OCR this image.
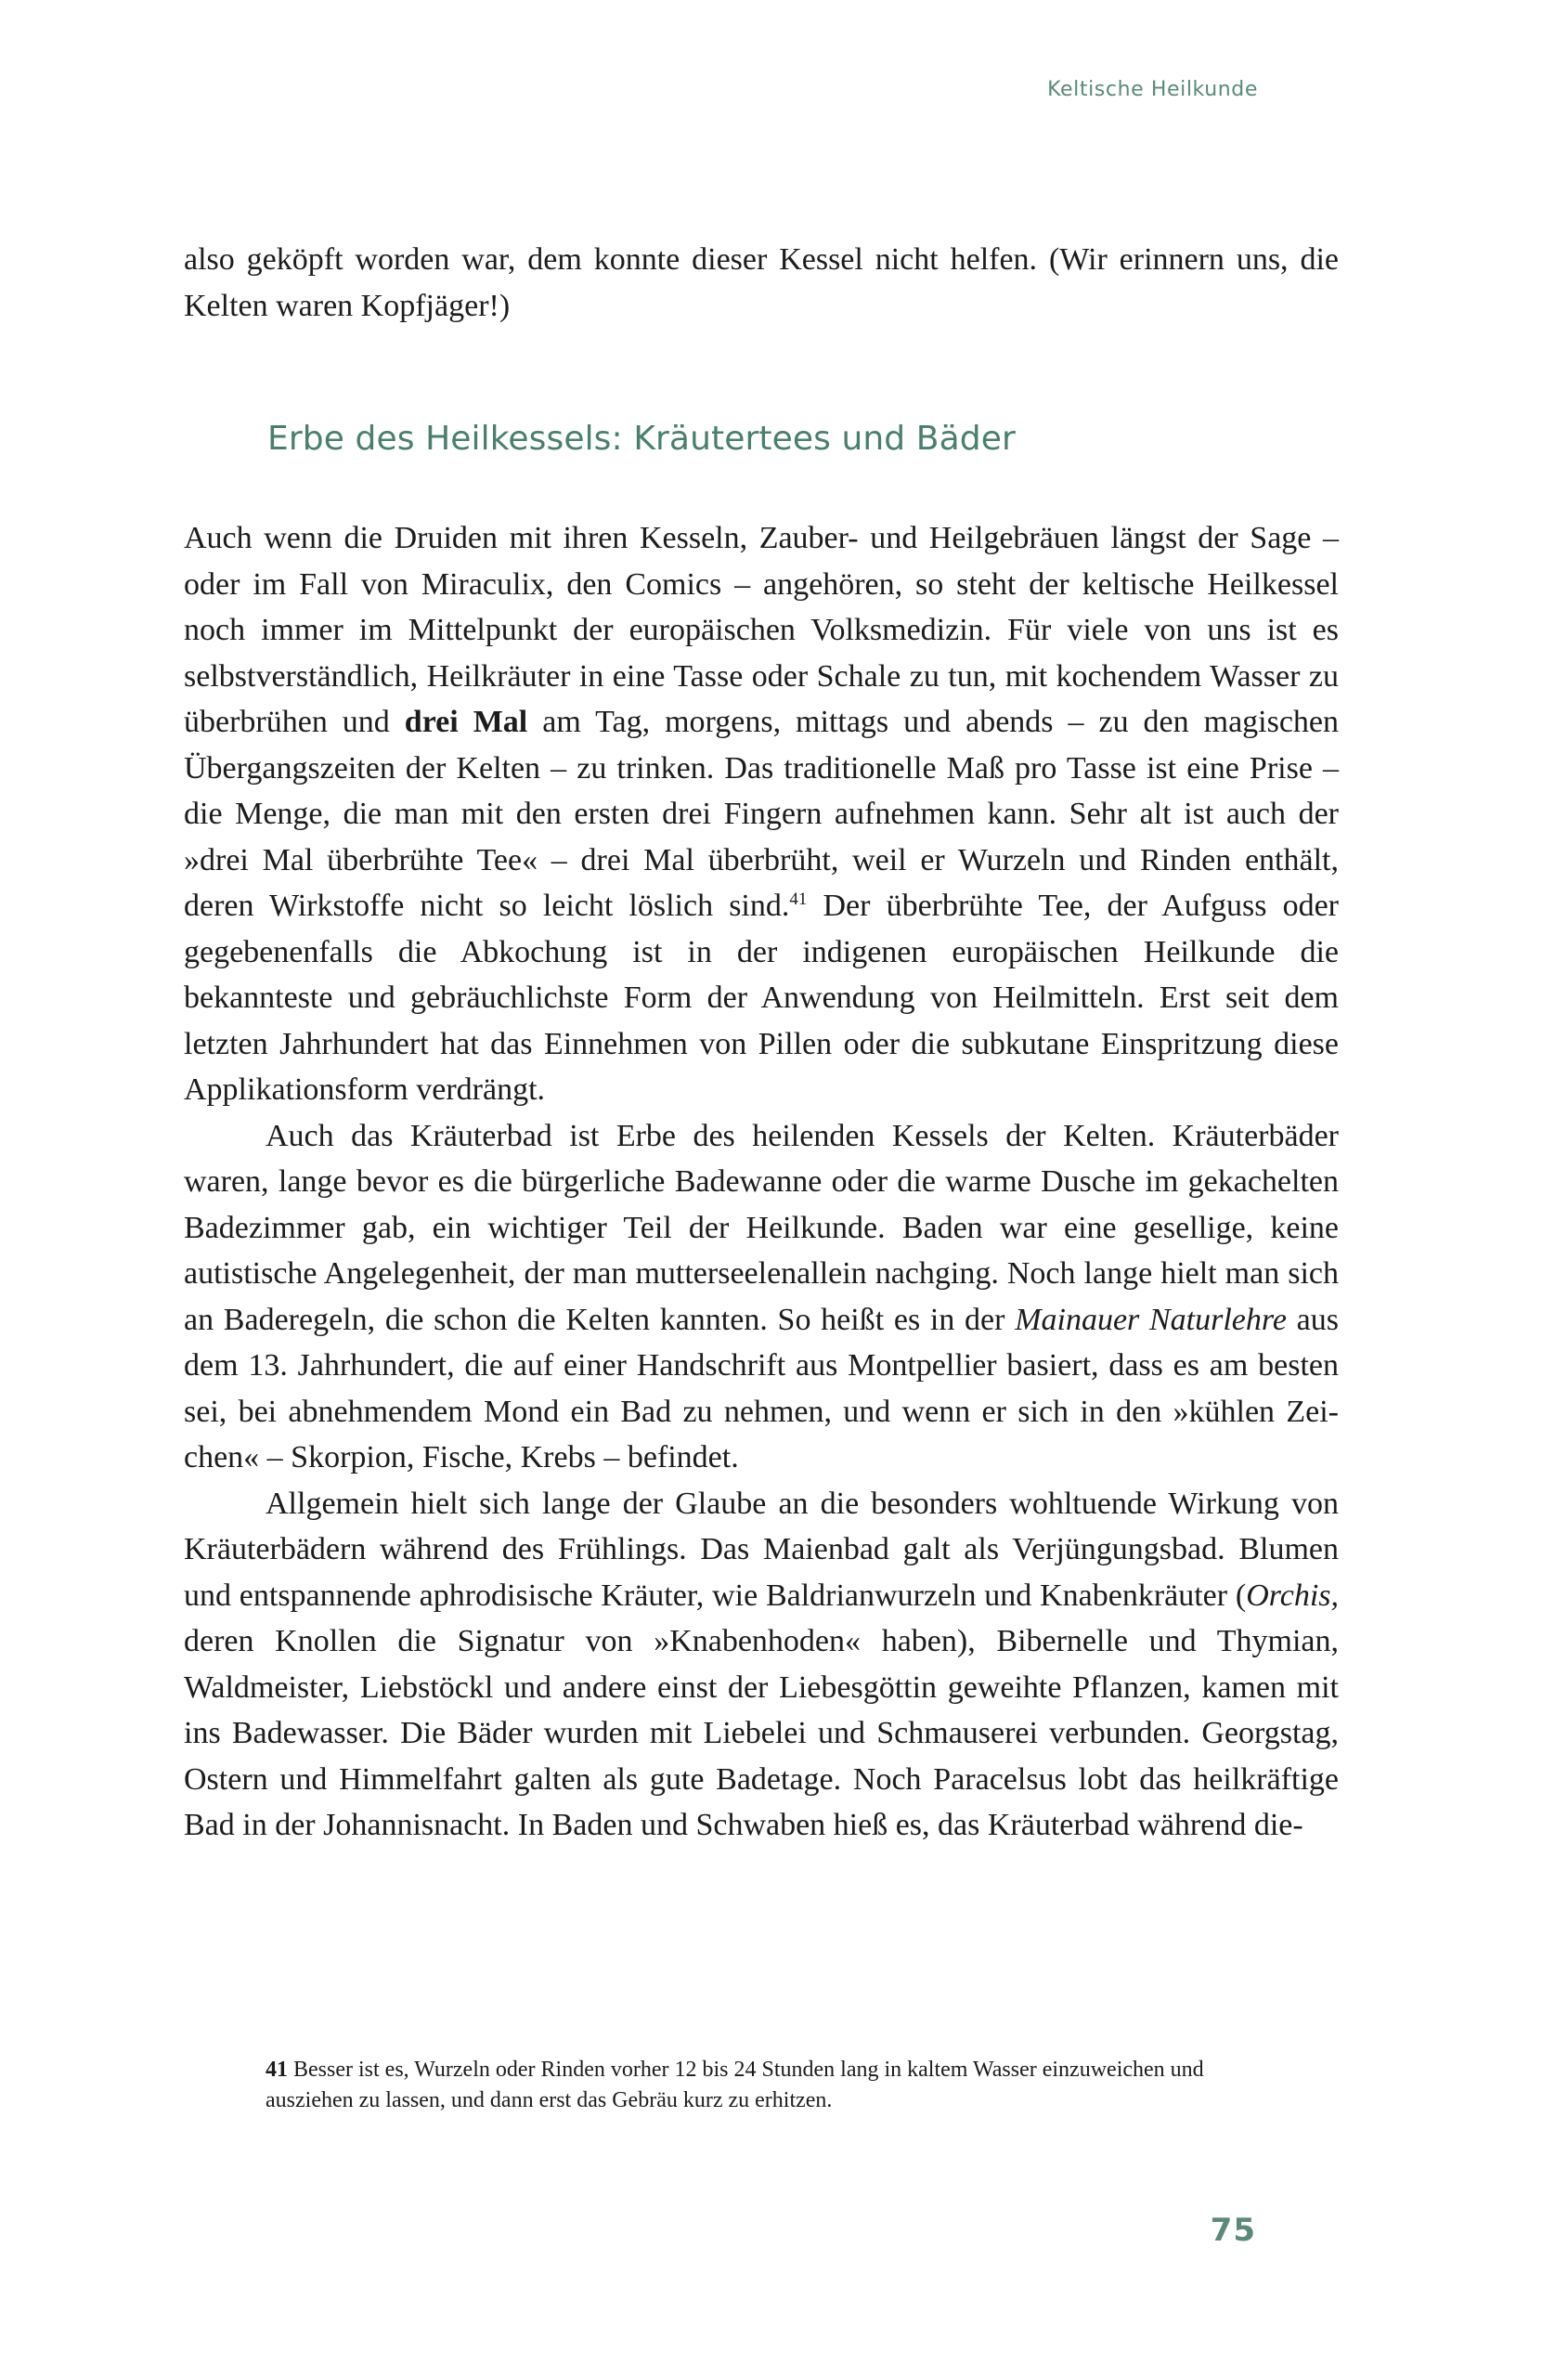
Keltische Heilkunde

also geköpft worden war, dem konnte dieser Kessel nicht helfen. (Wir erinnern uns, die Kelten waren Kopfjäger!)

Erbe des Heilkessels: Kräutertees und Bäder

Auch wenn die Druiden mit ihren Kesseln, Zauber- und Heilgebräuen längst der Sage – oder im Fall von Miraculix, den Comics – angehören, so steht der keltische Heilkessel noch immer im Mittelpunkt der europäischen Volksmedizin. Für viele von uns ist es selbstverständlich, Heilkräuter in eine Tasse oder Schale zu tun, mit kochendem Wasser zu überbrühen und drei Mal am Tag, morgens, mittags und abends – zu den magischen Übergangszeiten der Kelten – zu trinken. Das traditionelle Maß pro Tasse ist eine Prise – die Menge, die man mit den ersten drei Fingern aufnehmen kann. Sehr alt ist auch der »drei Mal überbrühte Tee« – drei Mal überbrüht, weil er Wurzeln und Rinden enthält, deren Wirkstoffe nicht so leicht löslich sind.$^{41}$ Der überbrühte Tee, der Aufguss oder gegebenenfalls die Abkochung ist in der indigenen europäischen Heilkunde die bekannteste und gebräuchlichste Form der Anwendung von Heilmitteln. Erst seit dem letzten Jahrhundert hat das Einnehmen von Pillen oder die subkutane Einspritzung diese Applikationsform verdrängt.

Auch das Kräuterbad ist Erbe des heilenden Kessels der Kelten. Kräuterbäder waren, lange bevor es die bürgerliche Badewanne oder die warme Dusche im gekachelten Badezimmer gab, ein wichtiger Teil der Heilkunde. Baden war eine gesellige, keine autistische Angelegenheit, der man mutterseelenallein nachging. Noch lange hielt man sich an Baderegeln, die schon die Kelten kannten. So heißt es in der Mainauer Naturlehre aus dem 13. Jahrhundert, die auf einer Handschrift aus Montpellier basiert, dass es am besten sei, bei abnehmendem Mond ein Bad zu nehmen, und wenn er sich in den »kühlen Zeichen« – Skorpion, Fische, Krebs – befindet.

Allgemein hielt sich lange der Glaube an die besonders wohltuende Wirkung von Kräuterbädern während des Frühlings. Das Maienbad galt als Verjüngungsbad. Blumen und entspannende aphrodisische Kräuter, wie Baldrianwurzeln und Knabenkräuter (Orchis, deren Knollen die Signatur von »Knabenhoden« haben), Bibernelle und Thymian, Waldmeister, Liebstöckl und andere einst der Liebesgöttin geweihte Pflanzen, kamen mit ins Badewasser. Die Bäder wurden mit Liebelei und Schmauserei verbunden. Georgstag, Ostern und Himmelfahrt galten als gute Badetage. Noch Paracelsus lobt das heilkräftige Bad in der Johannisnacht. In Baden und Schwaben hieß es, das Kräuterbad während die-

41 Besser ist es, Wurzeln oder Rinden vorher 12 bis 24 Stunden lang in kaltem Wasser einzuweichen und ausziehen zu lassen, und dann erst das Gebräu kurz zu erhitzen.

75
